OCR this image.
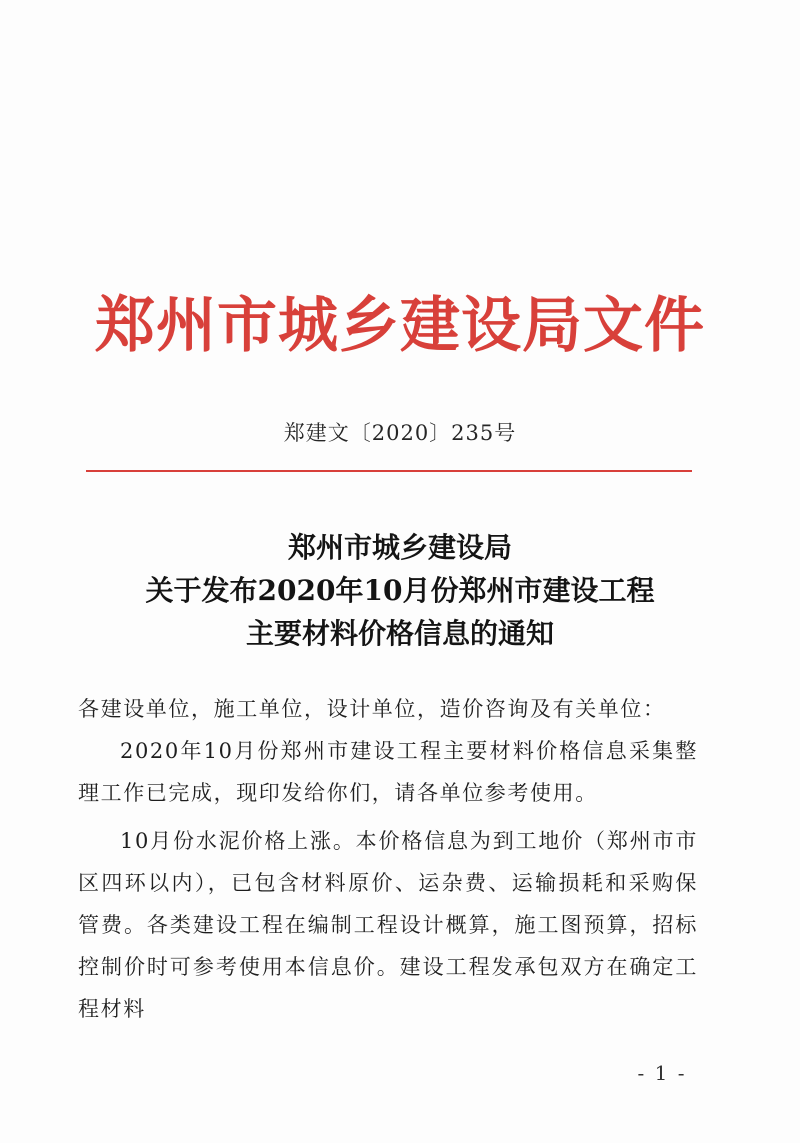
郑州市城乡建设局文件
郑建文〔2020〕235号
郑州市城乡建设局
关于发布2020年10月份郑州市建设工程
主要材料价格信息的通知

各建设单位，施工单位，设计单位，造价咨询及有关单位：

2020年10月份郑州市建设工程主要材料价格信息采集整理工作已完成，现印发给你们，请各单位参考使用。

10月份水泥价格上涨。本价格信息为到工地价（郑州市市区四环以内），已包含材料原价、运杂费、运输损耗和采购保管费。各类建设工程在编制工程设计概算，施工图预算，招标控制价时可参考使用本信息价。建设工程发承包双方在确定工程材料

- 1 -
